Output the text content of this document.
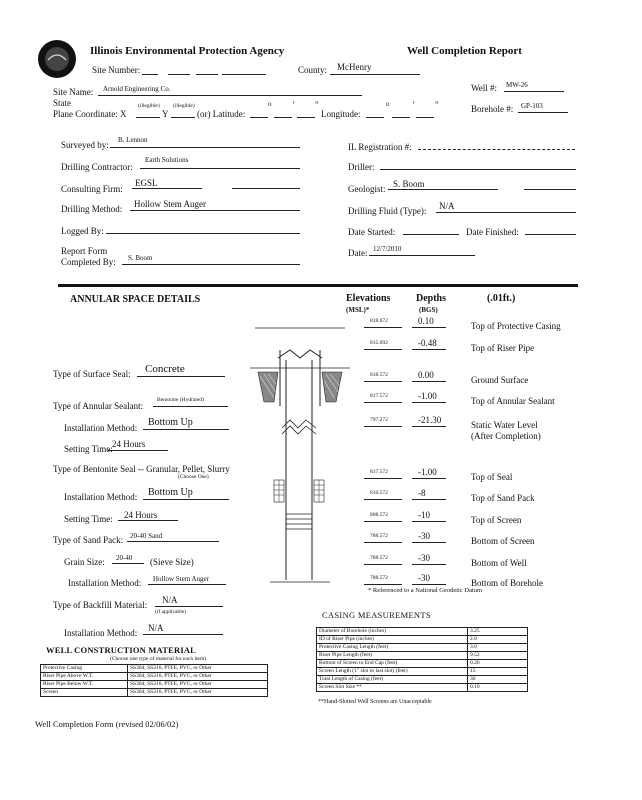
Illinois Environmental Protection Agency	Well Completion Report
Site Number:	County: McHenry
Site Name: Arnold Engineering Co.	Well #: MW-26
State
Plane Coordinate: X
(illegible)
Y
(illegible)
(or) Latitude:
o ' "
Longitude:
o	' "	Borehole #: GP-103
Surveyed by: B. Lennon
IL Registration #:
Drilling Contractor:
Earth Solutions
Driller:
Consulting Firm:
EGSL
Geologist: S. Boom
Drilling Method: Hollow Stem Auger
Drilling Fluid (Type): N/A
Logged By:	Date Started:	Date Finished:
Report Form
Completed By: S. Boom	Date: 12/7/2010
ANNULAR SPACE DETAILS	Elevations
(MSL)*
Depths
(BGS)
(.01ft.)
818.672	0.10	Top of Protective Casing
815.092	-0.48	Top of Riser Pipe
818.572	0.00	Ground Surface
817.572	-1.00	Top of Annular Sealant
797.272	-21.30	Static Water Level
(After Completion)
817.572	-1.00	Top of Seal
810.572	-8	Top of Sand Pack
808.572	-10	Top of Screen
788.572	-30	Bottom of Screen
788.572	-30	Bottom of Well
788.572	-30	Bottom of Borehole
* Referenced to a National Geodetic Datum
Type of Surface Seal: Concrete
Type of Annular Sealant:
Bentonite (Hydrated)
Installation Method: Bottom Up
Setting Time: 24 Hours
Type of Bentonite Seal -- Granular, Pellet, Slurry
(Choose One)
Installation Method: Bottom Up
Setting Time: 24 Hours
Type of Sand Pack: 20-40 Sand
Grain Size: 20-40 (Sieve Size)
Installation Method: Hollow Stem Auger
Type of Backfill Material: N/A
(if applicable)
Installation Method: N/A
WELL CONSTRUCTION MATERIAL
(Choose one type of material for each item)
Protective Casing	SS304, SS316, PTFE, PVC, or Other
Riser Pipe Above W.T.	SS304, SS316, PTFE, PVC, or Other
Riser Pipe Below W.T.	SS304, SS316, PTFE, PVC, or Other
Screen	SS304, SS316, PTFE, PVC, or Other
CASING MEASUREMENTS
Diameter of Borehole (inches)	3.25
ID of Riser Pipe (inches)	2.0
Protective Casing Length (feet)	3.0
Riser Pipe Length (feet)	9.52
Bottom of Screen to End Cap (feet)	0.26
Screen Length (1" slot to last slot) (feet)	15
Total Length of Casing (feet)	30
Screen Slot Size **	0.10
**Hand-Slotted Well Screens are Unacceptable
Well Completion Form (revised 02/06/02)
